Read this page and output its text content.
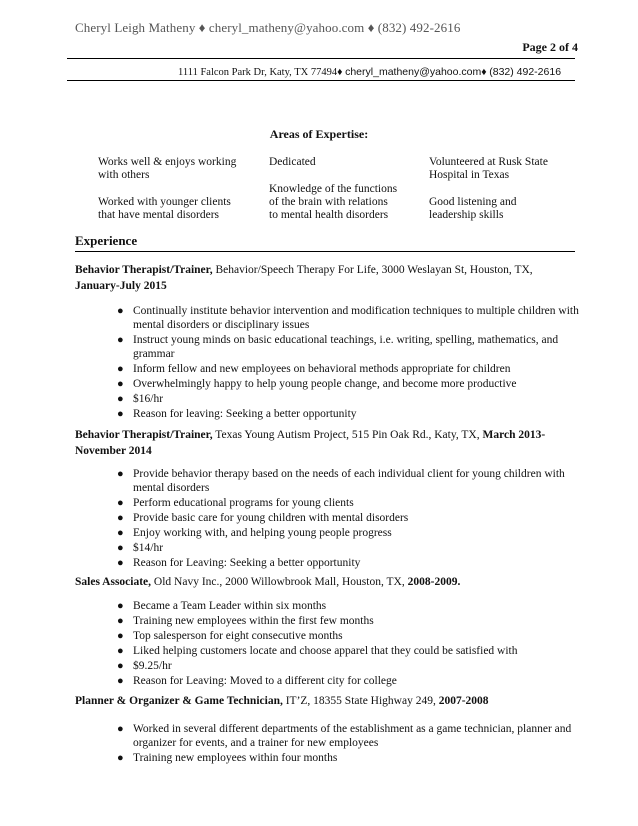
Cheryl Leigh Matheny ♦ cheryl_matheny@yahoo.com ♦ (832) 492-2616
Page 2 of 4
1111 Falcon Park Dr, Katy, TX 77494♦ cheryl_matheny@yahoo.com♦ (832) 492-2616
Areas of Expertise:
Works well & enjoys working
with others
Worked with younger clients
that have mental disorders
Dedicated
Knowledge of the functions
of the brain with relations
to mental health disorders
Volunteered at Rusk State
Hospital in Texas
Good listening and
leadership skills
Experience
Behavior Therapist/Trainer, Behavior/Speech Therapy For Life, 3000 Weslayan St, Houston, TX,
January-July 2015
● Continually institute behavior intervention and modification techniques to multiple children with mental disorders or disciplinary issues
● Instruct young minds on basic educational teachings, i.e. writing, spelling, mathematics, and grammar
● Inform fellow and new employees on behavioral methods appropriate for children
● Overwhelmingly happy to help young people change, and become more productive
● $16/hr
● Reason for leaving: Seeking a better opportunity
Behavior Therapist/Trainer, Texas Young Autism Project, 515 Pin Oak Rd., Katy, TX, March 2013-November 2014
● Provide behavior therapy based on the needs of each individual client for young children with mental disorders
● Perform educational programs for young clients
● Provide basic care for young children with mental disorders
● Enjoy working with, and helping young people progress
● $14/hr
● Reason for Leaving: Seeking a better opportunity
Sales Associate, Old Navy Inc., 2000 Willowbrook Mall, Houston, TX, 2008-2009.
● Became a Team Leader within six months
● Training new employees within the first few months
● Top salesperson for eight consecutive months
● Liked helping customers locate and choose apparel that they could be satisfied with
● $9.25/hr
● Reason for Leaving: Moved to a different city for college
Planner & Organizer & Game Technician, IT’Z, 18355 State Highway 249, 2007-2008
● Worked in several different departments of the establishment as a game technician, planner and organizer for events, and a trainer for new employees
● Training new employees within four months
